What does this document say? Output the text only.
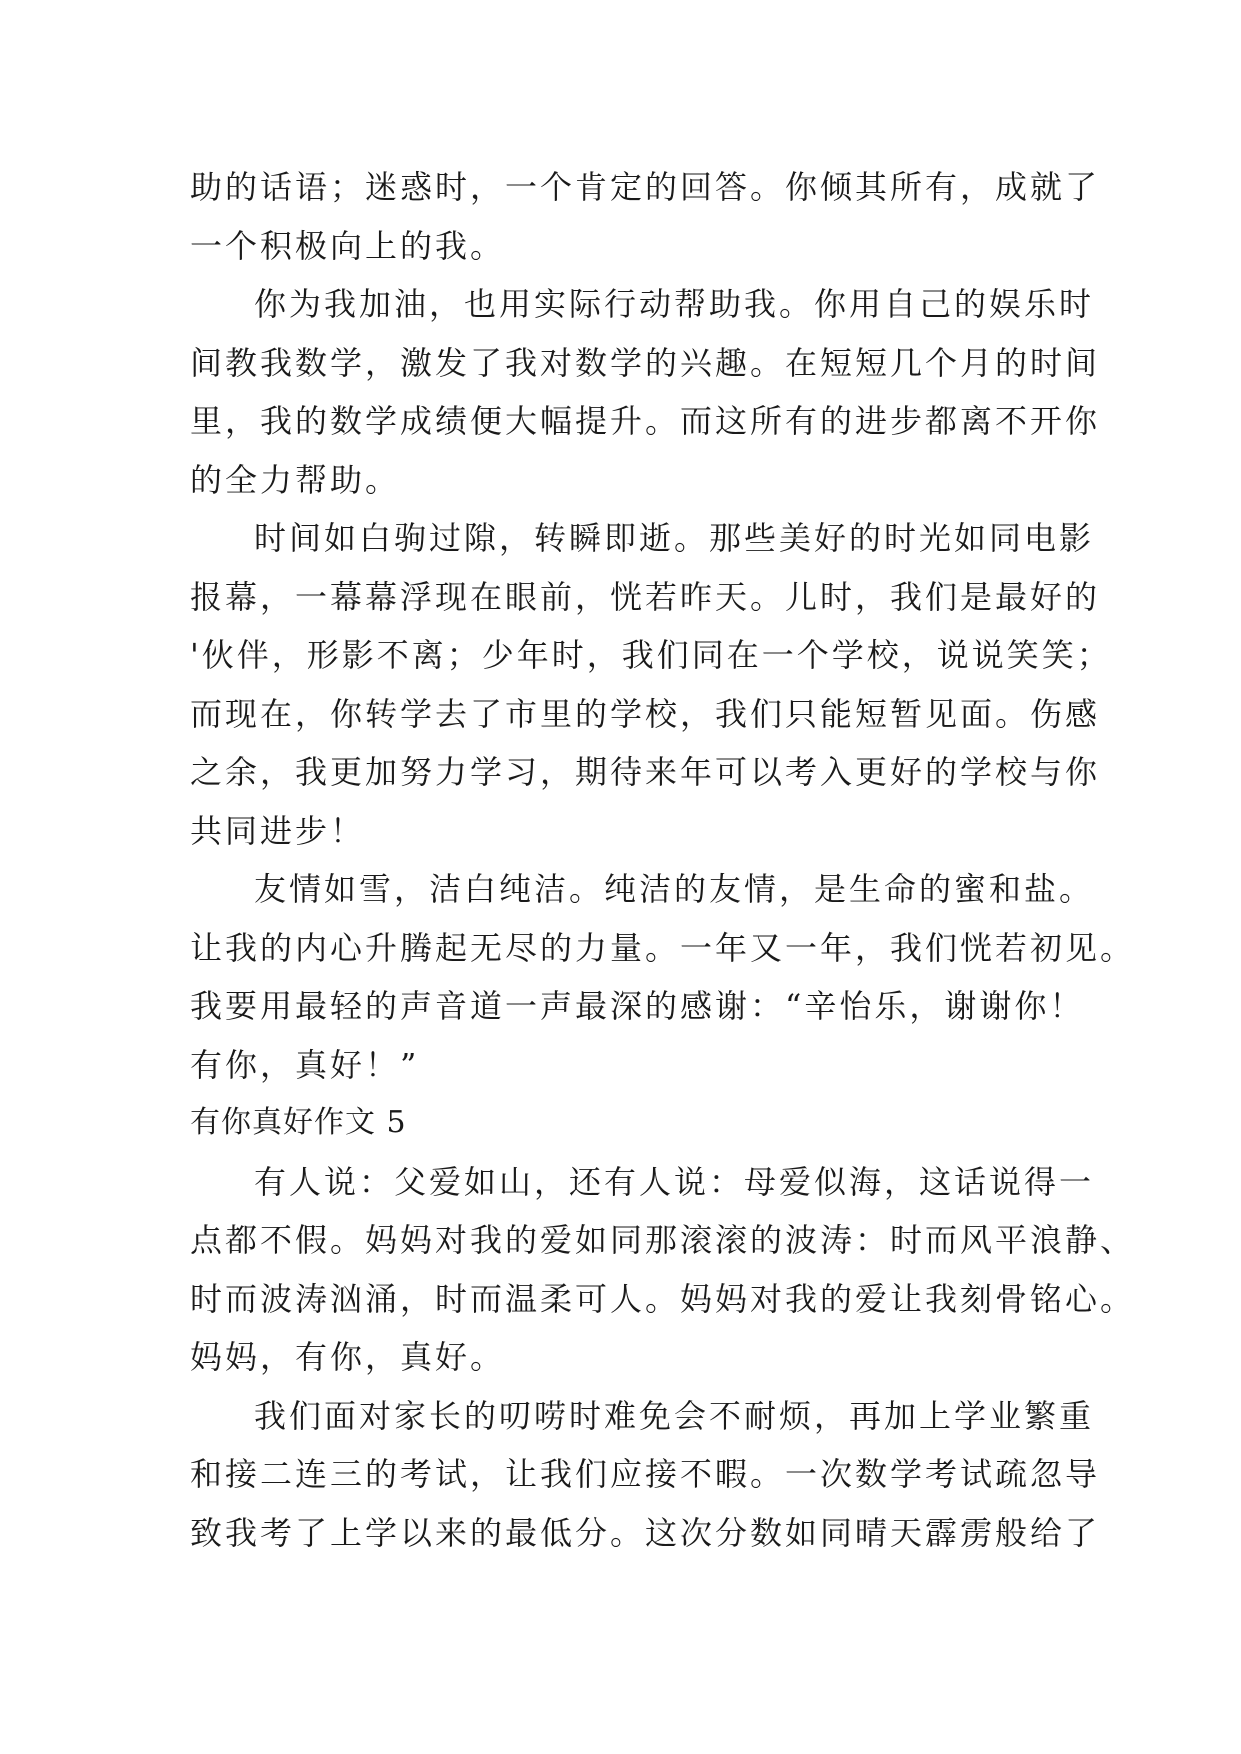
助的话语；迷惑时，一个肯定的回答。你倾其所有，成就了
一个积极向上的我。
你为我加油，也用实际行动帮助我。你用自己的娱乐时
间教我数学，激发了我对数学的兴趣。在短短几个月的时间
里，我的数学成绩便大幅提升。而这所有的进步都离不开你
的全力帮助。
时间如白驹过隙，转瞬即逝。那些美好的时光如同电影
报幕，一幕幕浮现在眼前，恍若昨天。儿时，我们是最好的
'伙伴，形影不离；少年时，我们同在一个学校，说说笑笑；
而现在，你转学去了市里的学校，我们只能短暂见面。伤感
之余，我更加努力学习，期待来年可以考入更好的学校与你
共同进步！
友情如雪，洁白纯洁。纯洁的友情，是生命的蜜和盐。
让我的内心升腾起无尽的力量。一年又一年，我们恍若初见。
我要用最轻的声音道一声最深的感谢：“辛怡乐，谢谢你！
有你，真好！”
有你真好作文 5
有人说：父爱如山，还有人说：母爱似海，这话说得一
点都不假。妈妈对我的爱如同那滚滚的波涛：时而风平浪静、
时而波涛汹涌，时而温柔可人。妈妈对我的爱让我刻骨铭心。
妈妈，有你，真好。
我们面对家长的叨唠时难免会不耐烦，再加上学业繁重
和接二连三的考试，让我们应接不暇。一次数学考试疏忽导
致我考了上学以来的最低分。这次分数如同晴天霹雳般给了
